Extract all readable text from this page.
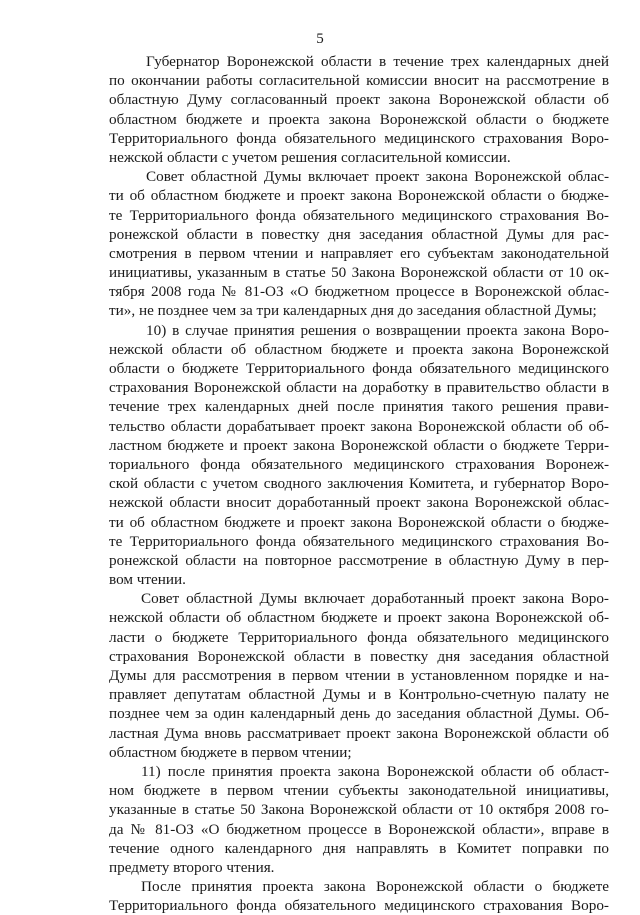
5
Губернатор Воронежской области в течение трех календарных дней
по окончании работы согласительной комиссии вносит на рассмотрение в
областную Думу согласованный проект закона Воронежской области об
областном бюджете и проекта закона Воронежской области о бюджете
Территориального фонда обязательного медицинского страхования Воро-
нежской области с учетом решения согласительной комиссии.
Совет областной Думы включает проект закона Воронежской облас-
ти об областном бюджете и проект закона Воронежской области о бюдже-
те Территориального фонда обязательного медицинского страхования Во-
ронежской области в повестку дня заседания областной Думы для рас-
смотрения в первом чтении и направляет его субъектам законодательной
инициативы, указанным в статье 50 Закона Воронежской области от 10 ок-
тября 2008 года № 81-ОЗ «О бюджетном процессе в Воронежской облас-
ти», не позднее чем за три календарных дня до заседания областной Думы;
10) в случае принятия решения о возвращении проекта закона Воро-
нежской области об областном бюджете и проекта закона Воронежской
области о бюджете Территориального фонда обязательного медицинского
страхования Воронежской области на доработку в правительство области в
течение трех календарных дней после принятия такого решения прави-
тельство области дорабатывает проект закона Воронежской области об об-
ластном бюджете и проект закона Воронежской области о бюджете Терри-
ториального фонда обязательного медицинского страхования Воронеж-
ской области с учетом сводного заключения Комитета, и губернатор Воро-
нежской области вносит доработанный проект закона Воронежской облас-
ти об областном бюджете и проект закона Воронежской области о бюдже-
те Территориального фонда обязательного медицинского страхования Во-
ронежской области на повторное рассмотрение в областную Думу в пер-
вом чтении.
Совет областной Думы включает доработанный проект закона Воро-
нежской области об областном бюджете и проект закона Воронежской об-
ласти о бюджете Территориального фонда обязательного медицинского
страхования Воронежской области в повестку дня заседания областной
Думы для рассмотрения в первом чтении в установленном порядке и на-
правляет депутатам областной Думы и в Контрольно-счетную палату не
позднее чем за один календарный день до заседания областной Думы. Об-
ластная Дума вновь рассматривает проект закона Воронежской области об
областном бюджете в первом чтении;
11) после принятия проекта закона Воронежской области об област-
ном бюджете в первом чтении субъекты законодательной инициативы,
указанные в статье 50 Закона Воронежской области от 10 октября 2008 го-
да № 81-ОЗ «О бюджетном процессе в Воронежской области», вправе в
течение одного календарного дня направлять в Комитет поправки по
предмету второго чтения.
После принятия проекта закона Воронежской области о бюджете
Территориального фонда обязательного медицинского страхования Воро-
